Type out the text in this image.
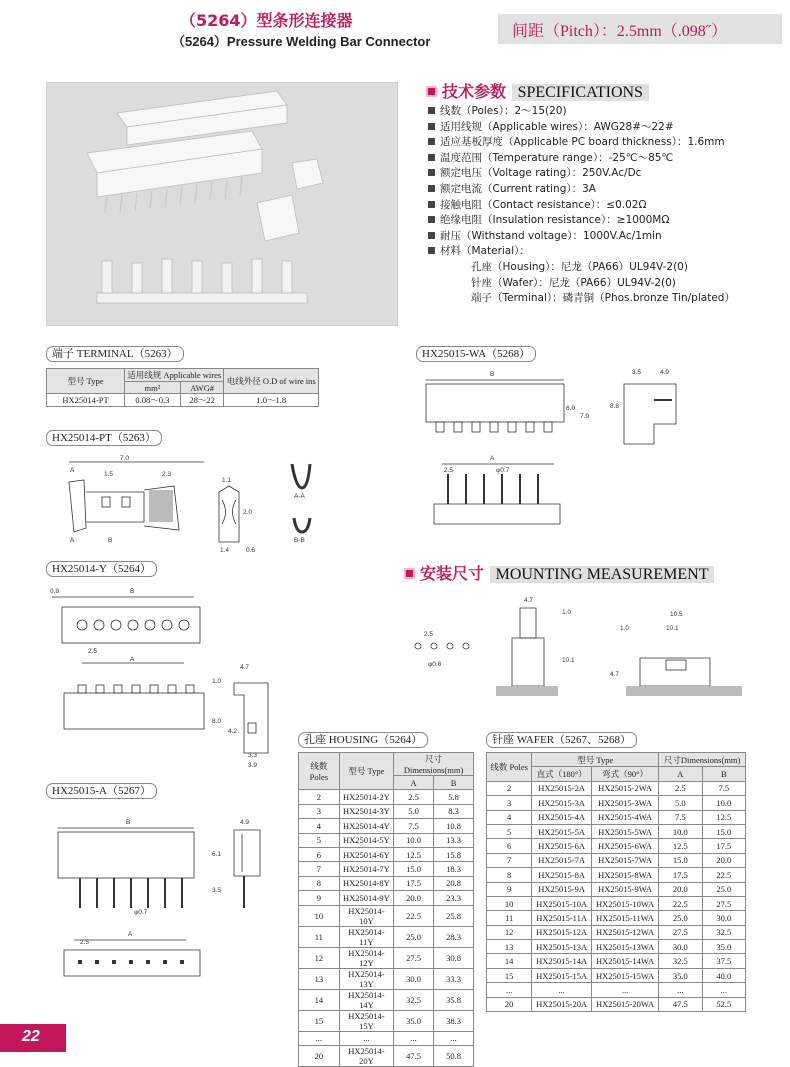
（5264）型条形连接器
（5264）Pressure Welding Bar Connector
间距（Pitch）：2.5mm（.098˝）
技术参数 SPECIFICATIONS
线数（Poles）：2～15(20)
适用线规（Applicable wires）：AWG28#～22#
适应基板厚度（Applicable PC board thickness）：1.6mm
温度范围（Temperature range）：-25℃～85℃
额定电压（Voltage rating）：250V.Ac/Dc
额定电流（Current rating）：3A
接触电阻（Contact resistance）：≤0.02Ω
绝缘电阻（Insulation resistance）：≥1000MΩ
耐压（Withstand voltage）：1000V.Ac/1min
材料（Material）：
孔座（Housing）：尼龙（PA66）UL94V-2(0)
针座（Wafer）：尼龙（PA66）UL94V-2(0)
端子（Terminal）：磷青铜（Phos.bronze Tin/plated）
端子 TERMINAL（5263）
型号 Type	适用线规 Applicable wires		电线外径 O.D of wire ins
	mm²	AWG#	
HX25014-PT	0.08～0.3	28～22	1.0～1.8
HX25014-PT（5263）
7.0
A
1.5	2.3
A	B
1.1
2.0
1.4	0.6
A-A
B-B
HX25014-Y（5264）
0.8	B
2.5
A
4.7
1.0
8.0
4.2
3.3
3.9
HX25015-A（5267）
B
φ0.7
4.9
6.1
3.5
A
2.5
HX25015-WA（5268）
B
6.0
7.9
3.5	4.9
8.8
A
2.5	φ0.7
安装尺寸 MOUNTING MEASUREMENT
2.5
φ0.8
4.7
1.0
10.1
10.5
1.0	10.1
4.7
孔座 HOUSING（5264）
线数 Poles	型号 Type	尺寸Dimensions(mm)	
		A	B
2	HX25014-2Y	2.5	5.8
3	HX25014-3Y	5.0	8.3
4	HX25014-4Y	7.5	10.8
5	HX25014-5Y	10.0	13.3
6	HX25014-6Y	12.5	15.8
7	HX25014-7Y	15.0	18.3
8	HX25014-8Y	17.5	20.8
9	HX25014-9Y	20.0	23.3
10	HX25014-10Y	22.5	25.8
11	HX25014-11Y	25.0	28.3
12	HX25014-12Y	27.5	30.8
13	HX25014-13Y	30.0	33.3
14	HX25014-14Y	32.5	35.8
15	HX25014-15Y	35.0	38.3
...	...	...	...
20	HX25014-20Y	47.5	50.8
针座 WAFER（5267、5268）
线数 Poles	型号 Type		尺寸Dimensions(mm)	
	直式（180°）	弯式（90°）	A	B
2	HX25015-2A	HX25015-2WA	2.5	7.5
3	HX25015-3A	HX25015-3WA	5.0	10.0
4	HX25015-4A	HX25015-4WA	7.5	12.5
5	HX25015-5A	HX25015-5WA	10.0	15.0
6	HX25015-6A	HX25015-6WA	12.5	17.5
7	HX25015-7A	HX25015-7WA	15.0	20.0
8	HX25015-8A	HX25015-8WA	17.5	22.5
9	HX25015-9A	HX25015-9WA	20.0	25.0
10	HX25015-10A	HX25015-10WA	22.5	27.5
11	HX25015-11A	HX25015-11WA	25.0	30.0
12	HX25015-12A	HX25015-12WA	27.5	32.5
13	HX25015-13A	HX25015-13WA	30.0	35.0
14	HX25015-14A	HX25015-14WA	32.5	37.5
15	HX25015-15A	HX25015-15WA	35.0	40.0
...	...	...	...	...
20	HX25015-20A	HX25015-20WA	47.5	52.5
22
